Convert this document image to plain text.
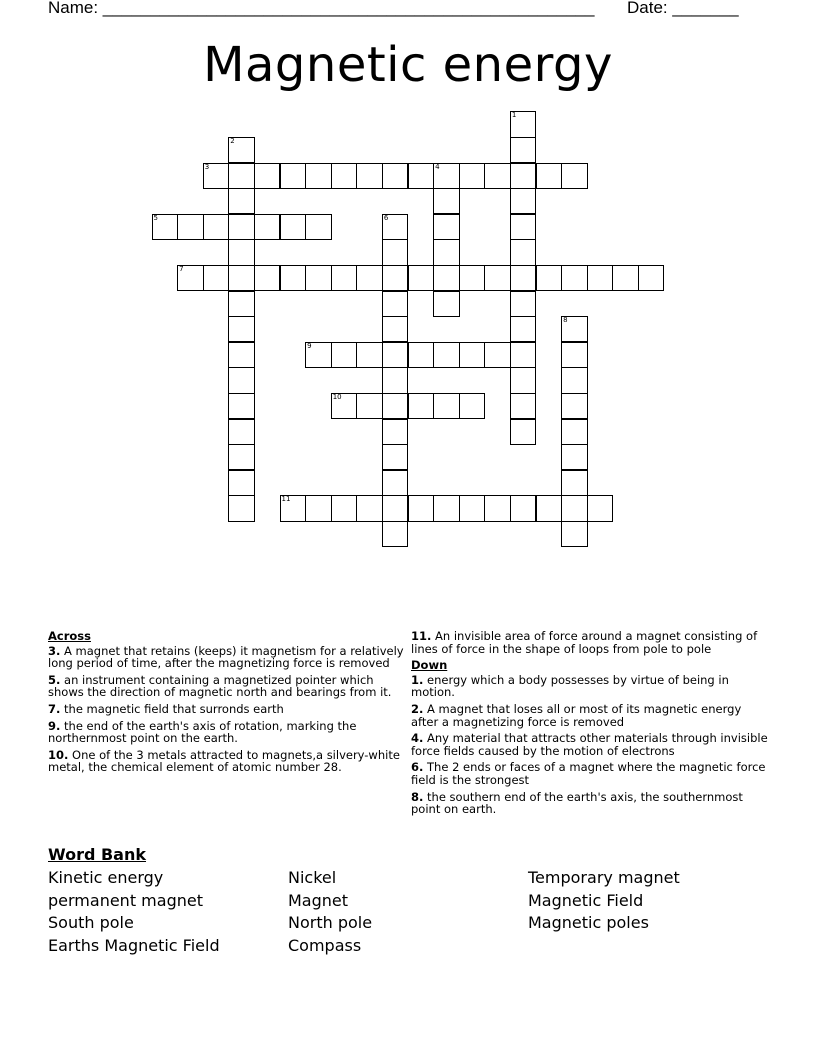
Name: ____________________________________________________ Date: _______
Magnetic energy
1
2
3	4
5	6
7
8
9
10
11
Across
3. A magnet that retains (keeps) it magnetism for a relatively long period of time, after the magnetizing force is removed
5. an instrument containing a magnetized pointer which shows the direction of magnetic north and bearings from it.
7. the magnetic field that surronds earth
9. the end of the earth's axis of rotation, marking the northernmost point on the earth.
10. One of the 3 metals attracted to magnets,a silvery-white metal, the chemical element of atomic number 28.
11. An invisible area of force around a magnet consisting of lines of force in the shape of loops from pole to pole
Down
1. energy which a body possesses by virtue of being in motion.
2. A magnet that loses all or most of its magnetic energy after a magnetizing force is removed
4. Any material that attracts other materials through invisible force fields caused by the motion of electrons
6. The 2 ends or faces of a magnet where the magnetic force field is the strongest
8. the southern end of the earth's axis, the southernmost point on earth.
Word Bank
Kinetic energy
permanent magnet
South pole
Earths Magnetic Field
Nickel
Magnet
North pole
Compass
Temporary magnet
Magnetic Field
Magnetic poles
